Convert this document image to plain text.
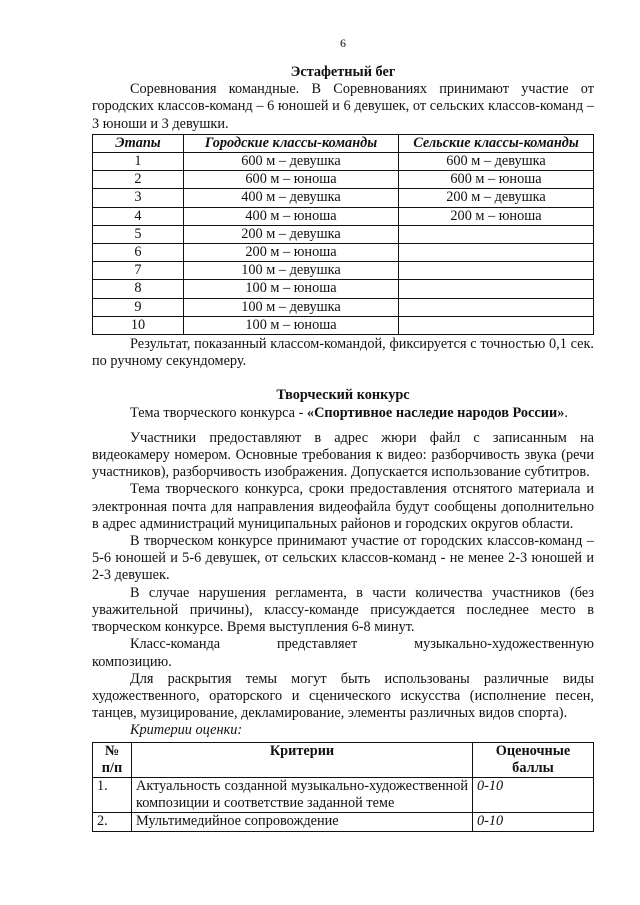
6
Эстафетный бег

Соревнования командные. В Соревнованиях принимают участие от городских классов-команд – 6 юношей и 6 девушек, от сельских классов-команд – 3 юноши и 3 девушки.

Этапы	Городские классы-команды	Сельские классы-команды
1	600 м – девушка	600 м – девушка
2	600 м – юноша	600 м – юноша
3	400 м – девушка	200 м – девушка
4	400 м – юноша	200 м – юноша
5	200 м – девушка	
6	200 м – юноша	
7	100 м – девушка	
8	100 м – юноша	
9	100 м – девушка	
10	100 м – юноша	

Результат, показанный классом-командой, фиксируется с точностью 0,1 сек. по ручному секундомеру.

Творческий конкурс

Тема творческого конкурса - «Спортивное наследие народов России».

Участники предоставляют в адрес жюри файл с записанным на видеокамеру номером. Основные требования к видео: разборчивость звука (речи участников), разборчивость изображения. Допускается использование субтитров.

Тема творческого конкурса, сроки предоставления отснятого материала и электронная почта для направления видеофайла будут сообщены дополнительно в адрес администраций муниципальных районов и городских округов области.

В творческом конкурсе принимают участие от городских классов-команд – 5-6 юношей и 5-6 девушек, от сельских классов-команд - не менее 2-3 юношей и 2-3 девушек.

В случае нарушения регламента, в части количества участников (без уважительной причины), классу-команде присуждается последнее место в творческом конкурсе. Время выступления 6-8 минут.

Класс-команда	представляет	музыкально-художественную

композицию.

Для раскрытия темы могут быть использованы различные виды художественного, ораторского и сценического искусства (исполнение песен, танцев, музицирование, декламирование, элементы различных видов спорта).

Критерии оценки:

№ п/п	Критерии	Оценочные баллы
1.	Актуальность созданной музыкально-художественной композиции и соответствие заданной теме	0-10
2.	Мультимедийное сопровождение	0-10
